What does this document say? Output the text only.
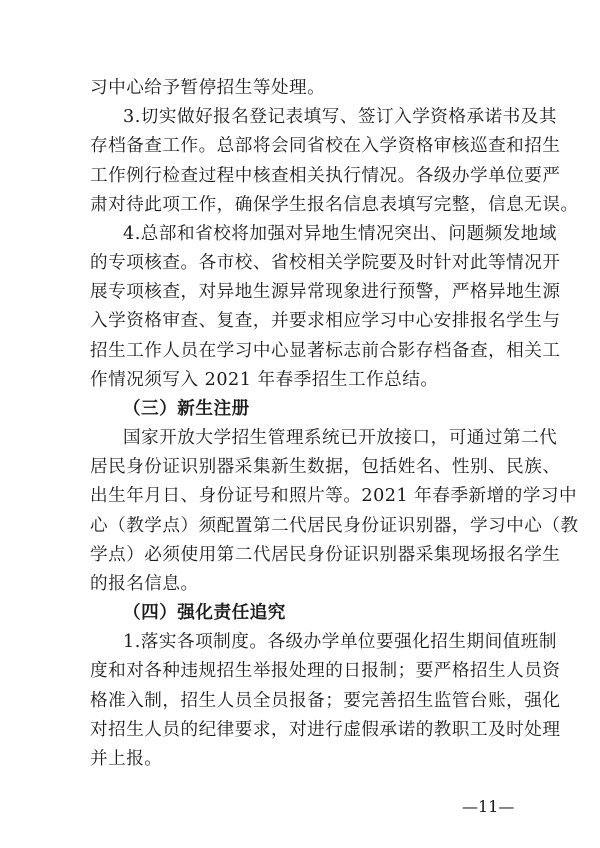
习中心给予暂停招生等处理。
3.切实做好报名登记表填写、签订入学资格承诺书及其
存档备查工作。总部将会同省校在入学资格审核巡查和招生
工作例行检查过程中核查相关执行情况。各级办学单位要严
肃对待此项工作，确保学生报名信息表填写完整，信息无误。
4.总部和省校将加强对异地生情况突出、问题频发地域
的专项核查。各市校、省校相关学院要及时针对此等情况开
展专项核查，对异地生源异常现象进行预警，严格异地生源
入学资格审查、复查，并要求相应学习中心安排报名学生与
招生工作人员在学习中心显著标志前合影存档备查，相关工
作情况须写入 2021 年春季招生工作总结。
（三）新生注册
国家开放大学招生管理系统已开放接口，可通过第二代
居民身份证识别器采集新生数据，包括姓名、性别、民族、
出生年月日、身份证号和照片等。2021 年春季新增的学习中
心（教学点）须配置第二代居民身份证识别器，学习中心（教
学点）必须使用第二代居民身份证识别器采集现场报名学生
的报名信息。
（四）强化责任追究
1.落实各项制度。各级办学单位要强化招生期间值班制
度和对各种违规招生举报处理的日报制；要严格招生人员资
格准入制，招生人员全员报备；要完善招生监管台账，强化
对招生人员的纪律要求，对进行虚假承诺的教职工及时处理
并上报。
—11—
